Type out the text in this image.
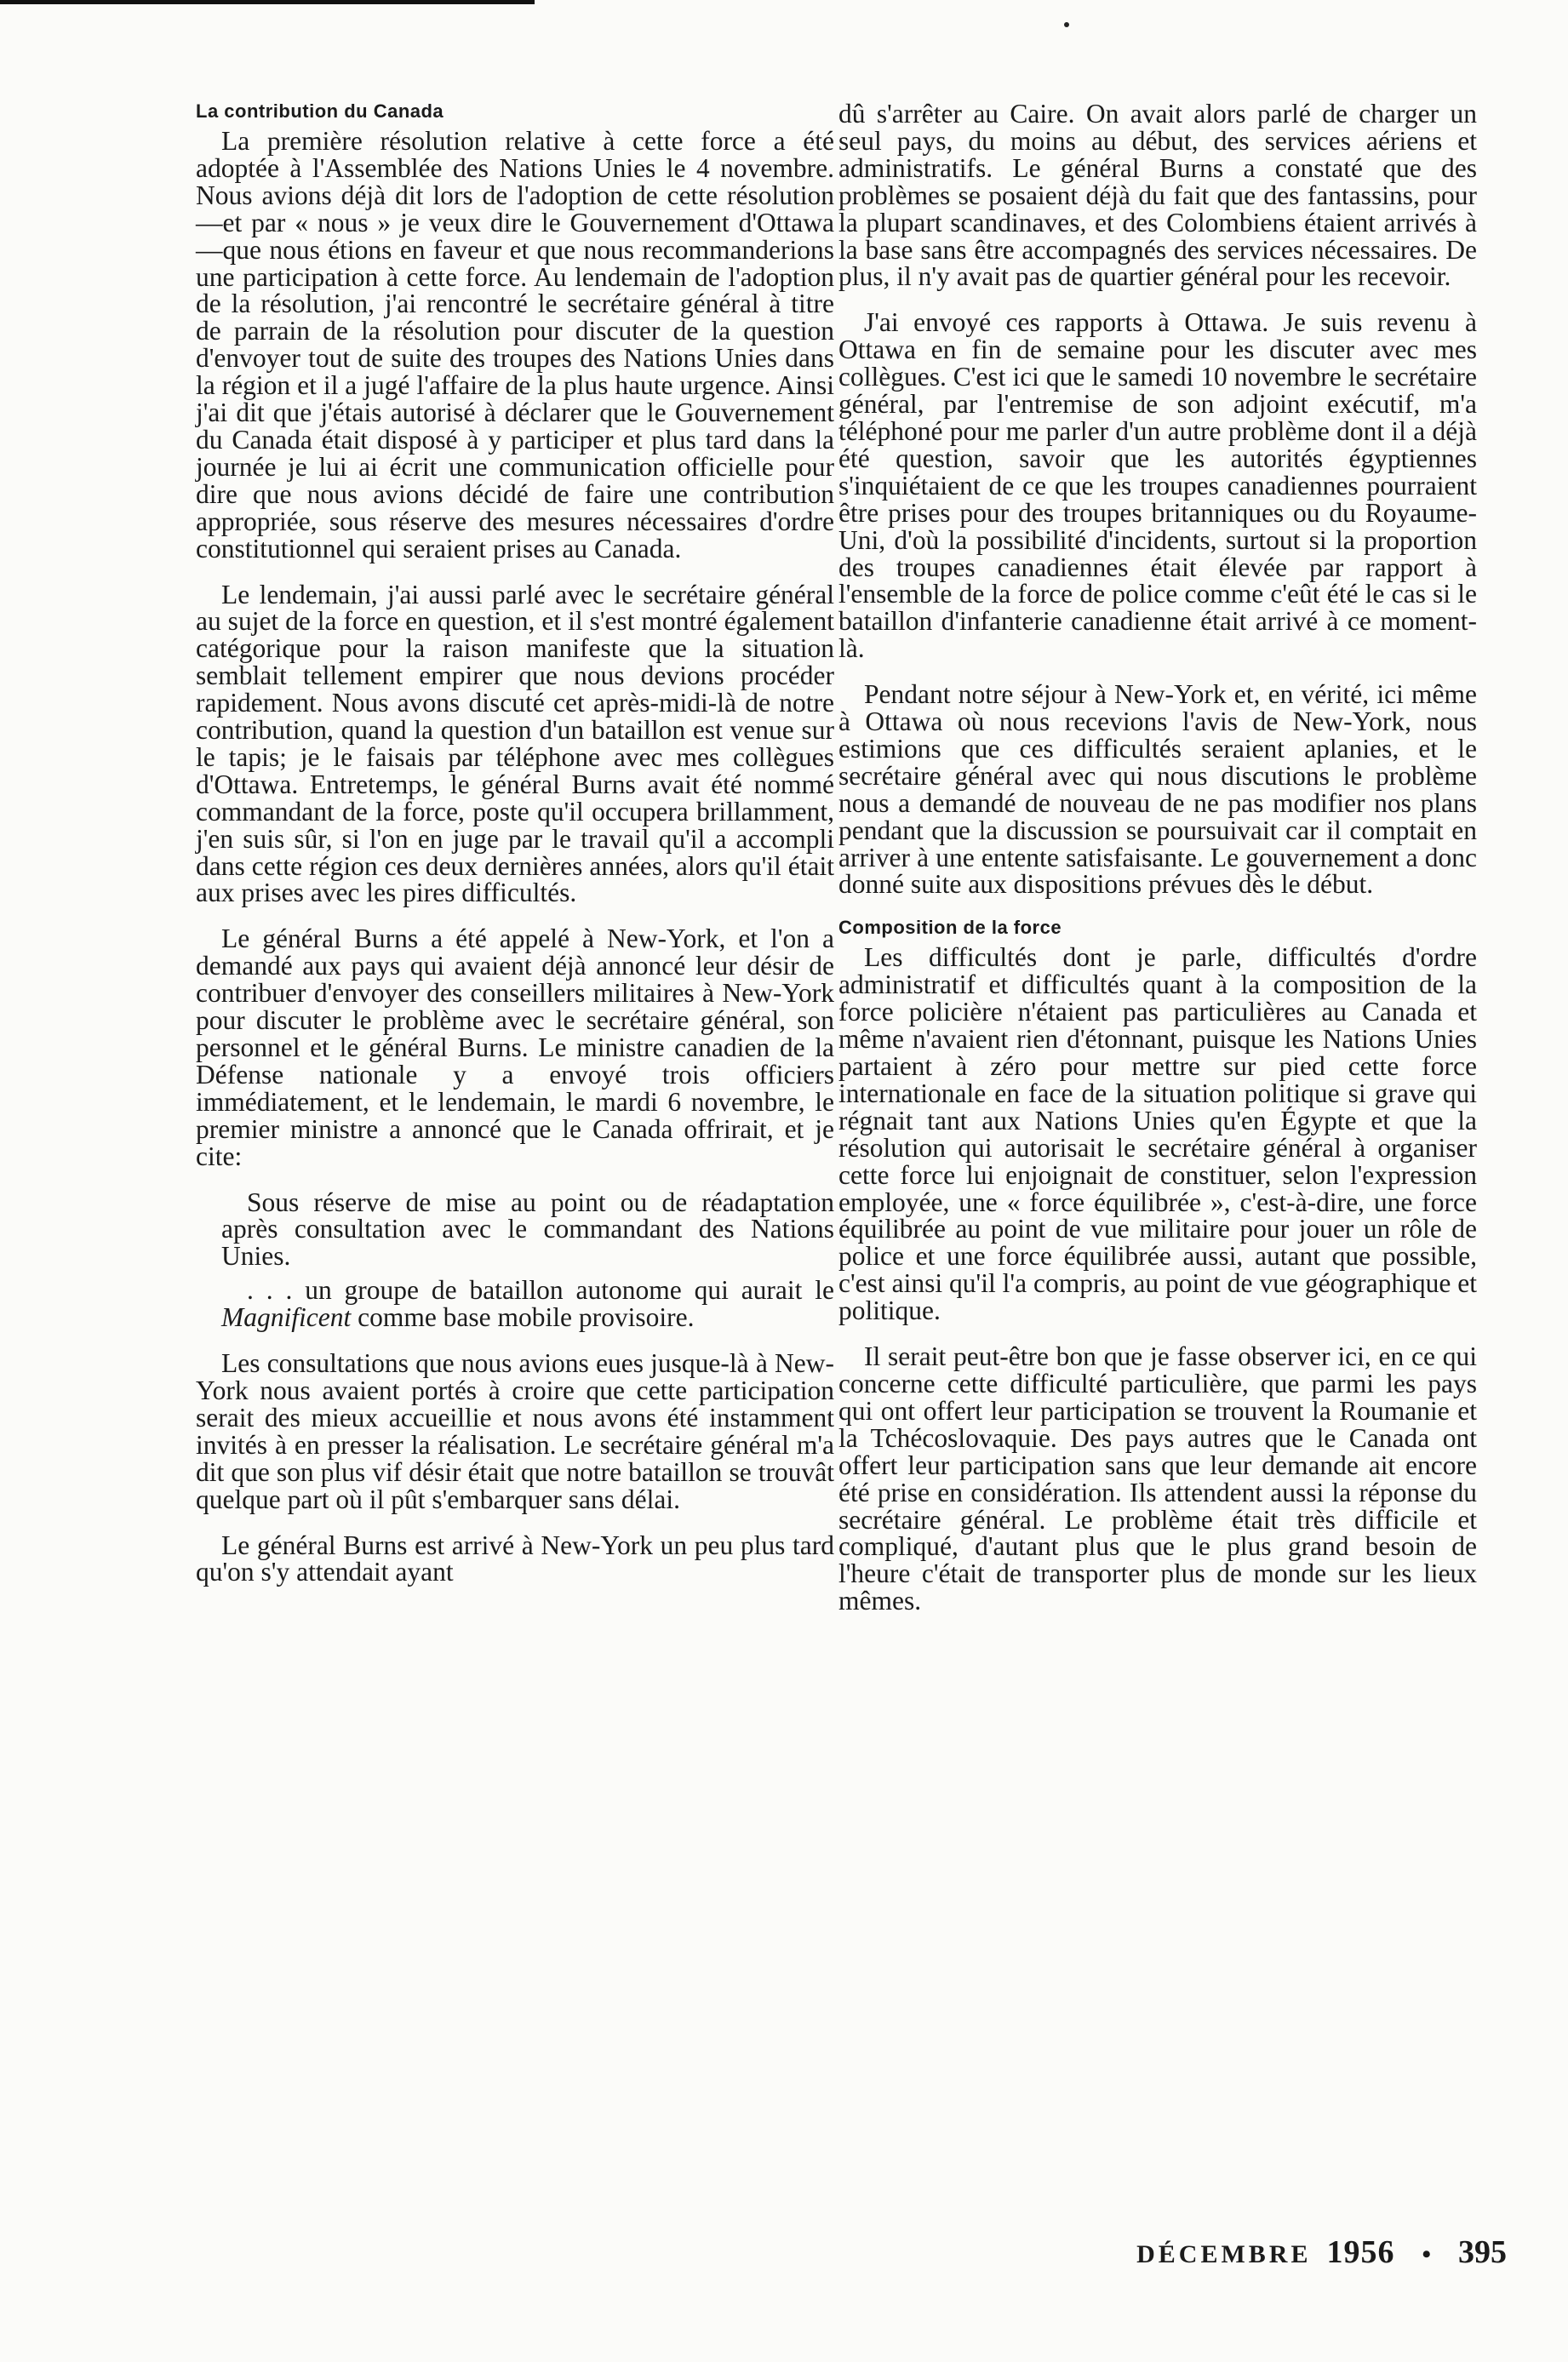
La contribution du Canada

La première résolution relative à cette force a été adoptée à l'Assemblée des Nations Unies le 4 novembre. Nous avions déjà dit lors de l'adoption de cette résolution—et par « nous » je veux dire le Gouvernement d'Ottawa—que nous étions en faveur et que nous recommanderions une participation à cette force. Au lendemain de l'adoption de la résolution, j'ai rencontré le secrétaire général à titre de parrain de la résolution pour discuter de la question d'envoyer tout de suite des troupes des Nations Unies dans la région et il a jugé l'affaire de la plus haute urgence. Ainsi j'ai dit que j'étais autorisé à déclarer que le Gouvernement du Canada était disposé à y participer et plus tard dans la journée je lui ai écrit une communication officielle pour dire que nous avions décidé de faire une contribution appropriée, sous réserve des mesures nécessaires d'ordre constitutionnel qui seraient prises au Canada.

Le lendemain, j'ai aussi parlé avec le secrétaire général au sujet de la force en question, et il s'est montré également catégorique pour la raison manifeste que la situation semblait tellement empirer que nous devions procéder rapidement. Nous avons discuté cet après-midi-là de notre contribution, quand la question d'un bataillon est venue sur le tapis; je le faisais par téléphone avec mes collègues d'Ottawa. Entretemps, le général Burns avait été nommé commandant de la force, poste qu'il occupera brillamment, j'en suis sûr, si l'on en juge par le travail qu'il a accompli dans cette région ces deux dernières années, alors qu'il était aux prises avec les pires difficultés.

Le général Burns a été appelé à New-York, et l'on a demandé aux pays qui avaient déjà annoncé leur désir de contribuer d'envoyer des conseillers militaires à New-York pour discuter le problème avec le secrétaire général, son personnel et le général Burns. Le ministre canadien de la Défense nationale y a envoyé trois officiers immédiatement, et le lendemain, le mardi 6 novembre, le premier ministre a annoncé que le Canada offrirait, et je cite:

Sous réserve de mise au point ou de réadaptation après consultation avec le commandant des Nations Unies.

. . . un groupe de bataillon autonome qui aurait le Magnificent comme base mobile provisoire.

Les consultations que nous avions eues jusque-là à New-York nous avaient portés à croire que cette participation serait des mieux accueillie et nous avons été instamment invités à en presser la réalisation. Le secrétaire général m'a dit que son plus vif désir était que notre bataillon se trouvât quelque part où il pût s'embarquer sans délai.

Le général Burns est arrivé à New-York un peu plus tard qu'on s'y attendait ayant

dû s'arrêter au Caire. On avait alors parlé de charger un seul pays, du moins au début, des services aériens et administratifs. Le général Burns a constaté que des problèmes se posaient déjà du fait que des fantassins, pour la plupart scandinaves, et des Colombiens étaient arrivés à la base sans être accompagnés des services nécessaires. De plus, il n'y avait pas de quartier général pour les recevoir.

J'ai envoyé ces rapports à Ottawa. Je suis revenu à Ottawa en fin de semaine pour les discuter avec mes collègues. C'est ici que le samedi 10 novembre le secrétaire général, par l'entremise de son adjoint exécutif, m'a téléphoné pour me parler d'un autre problème dont il a déjà été question, savoir que les autorités égyptiennes s'inquiétaient de ce que les troupes canadiennes pourraient être prises pour des troupes britanniques ou du Royaume-Uni, d'où la possibilité d'incidents, surtout si la proportion des troupes canadiennes était élevée par rapport à l'ensemble de la force de police comme c'eût été le cas si le bataillon d'infanterie canadienne était arrivé à ce moment-là.

Pendant notre séjour à New-York et, en vérité, ici même à Ottawa où nous recevions l'avis de New-York, nous estimions que ces difficultés seraient aplanies, et le secrétaire général avec qui nous discutions le problème nous a demandé de nouveau de ne pas modifier nos plans pendant que la discussion se poursuivait car il comptait en arriver à une entente satisfaisante. Le gouvernement a donc donné suite aux dispositions prévues dès le début.

Composition de la force

Les difficultés dont je parle, difficultés d'ordre administratif et difficultés quant à la composition de la force policière n'étaient pas particulières au Canada et même n'avaient rien d'étonnant, puisque les Nations Unies partaient à zéro pour mettre sur pied cette force internationale en face de la situation politique si grave qui régnait tant aux Nations Unies qu'en Égypte et que la résolution qui autorisait le secrétaire général à organiser cette force lui enjoignait de constituer, selon l'expression employée, une « force équilibrée », c'est-à-dire, une force équilibrée au point de vue militaire pour jouer un rôle de police et une force équilibrée aussi, autant que possible, c'est ainsi qu'il l'a compris, au point de vue géographique et politique.

Il serait peut-être bon que je fasse observer ici, en ce qui concerne cette difficulté particulière, que parmi les pays qui ont offert leur participation se trouvent la Roumanie et la Tchécoslovaquie. Des pays autres que le Canada ont offert leur participation sans que leur demande ait encore été prise en considération. Ils attendent aussi la réponse du secrétaire général. Le problème était très difficile et compliqué, d'autant plus que le plus grand besoin de l'heure c'était de transporter plus de monde sur les lieux mêmes.

DÉCEMBRE 1956 • 395
